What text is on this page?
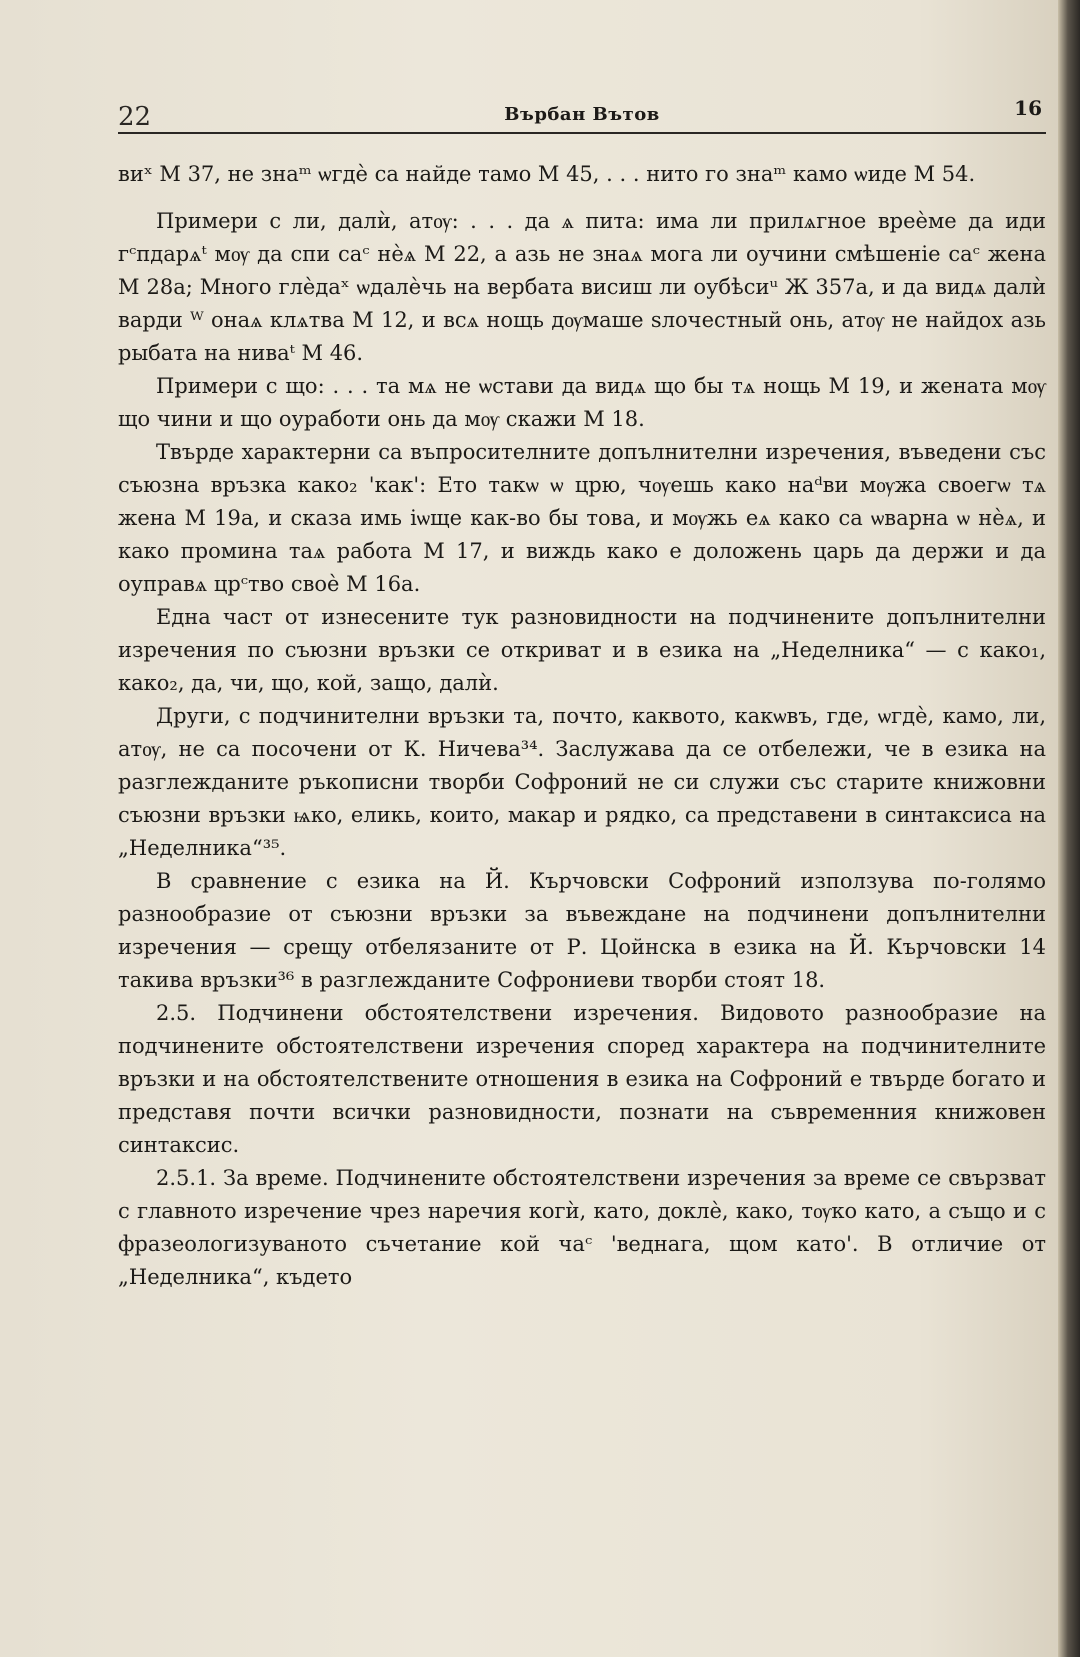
22	Върбан Вътов	16

виˣ М 37, не знаᵐ ѡгдѐ са найде тамо М 45, . . . нито го знаᵐ камо ѡиде М 54.

Примери с ли, далѝ, атѹ: . . . да ѧ пита: има ли прилѧгное вреѐме да иди гᶜпдарѧᵗ мѹ да спи саᶜ нѐѧ М 22, а азь не знаѧ мога ли оучини смѣшенiе саᶜ жена М 28а; Много глѐдаˣ ѡдалѐчь на вербата висиш ли оубѣсиᵘ Ж 357а, и да видѧ далѝ варди ᵂ онаѧ клѧтва М 12, и всѧ нощь дѹмаше ѕлочестный онь, атѹ не найдох азь рыбата на ниваᵗ М 46.

Примери с що: . . . та мѧ не ѡстави да видѧ що бы тѧ нощь М 19, и жената мѹ що чини и що оуработи онь да мѹ скажи М 18.

Твърде характерни са въпросителните допълнителни изречения, въведени със съюзна връзка како₂ 'как': Ето такѡ ѡ црю, чѹешь како наᵈви мѹжа своегѡ тѧ жена М 19а, и сказа имь iѡще как-во бы това, и мѹжь еѧ како са ѡварна ѡ нѐѧ, и како промина таѧ работа М 17, и виждь како е доложень царь да держи и да оуправѧ црᶜтво своѐ М 16а.

Една част от изнесените тук разновидности на подчинените допълнителни изречения по съюзни връзки се откриват и в езика на „Неделника“ — с како₁, како₂, да, чи, що, кой, защо, далѝ.

Други, с подчинителни връзки та, почто, каквото, какѡвъ, где, ѡгдѐ, камо, ли, атѹ, не са посочени от К. Ничева³⁴. Заслужава да се отбележи, че в езика на разглежданите ръкописни творби Софроний не си служи със старите книжовни съюзни връзки ѩко, еликь, които, макар и рядко, са представени в синтаксиса на „Неделника“³⁵.

В сравнение с езика на Й. Кърчовски Софроний използува по-голямо разнообразие от съюзни връзки за въвеждане на подчинени допълнителни изречения — срещу отбелязаните от Р. Цойнска в езика на Й. Кърчовски 14 такива връзки³⁶ в разглежданите Софрониеви творби стоят 18.

2.5. Подчинени обстоятелствени изречения. Видовото разнообразие на подчинените обстоятелствени изречения според характера на подчинителните връзки и на обстоятелствените отношения в езика на Софроний е твърде богато и представя почти всички разновидности, познати на съвременния книжовен синтаксис.

2.5.1. За време. Подчинените обстоятелствени изречения за време се свързват с главното изречение чрез наречия когѝ, като, доклѐ, како, тѹко като, а също и с фразеологизуваното съчетание кой чаᶜ 'веднага, щом като'. В отличие от „Неделника“, където
